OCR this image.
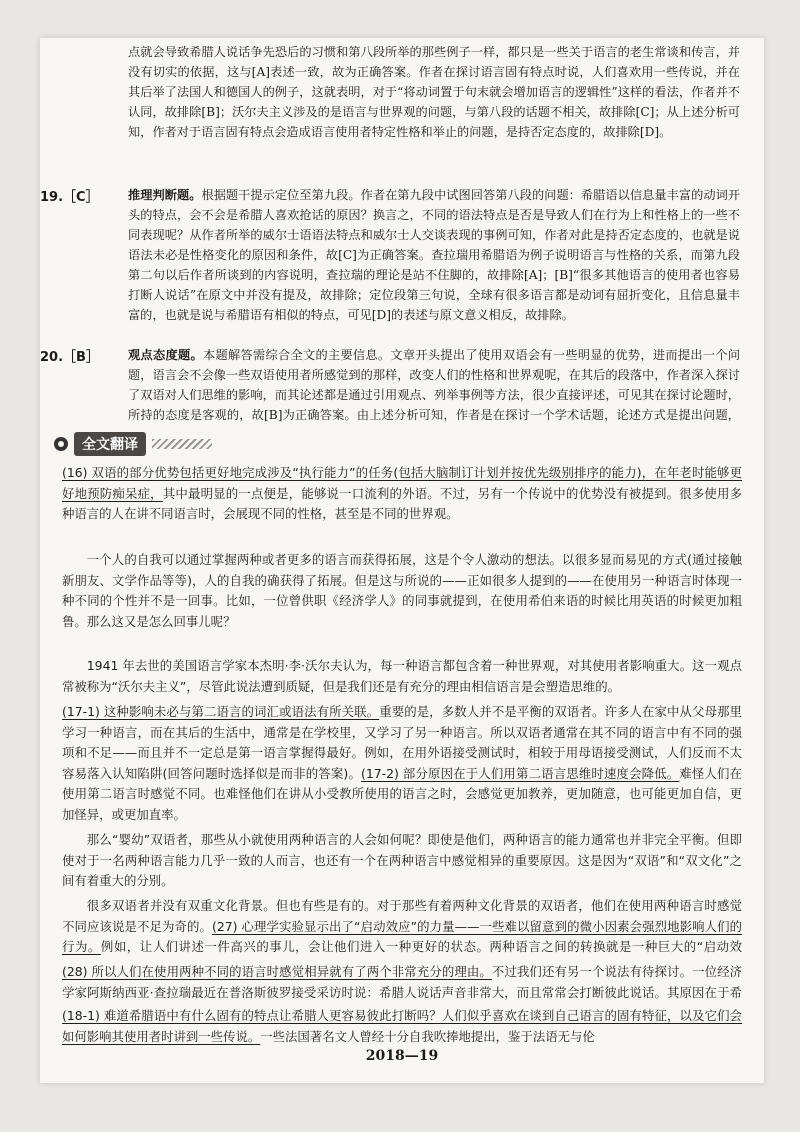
点就会导致希腊人说话争先恐后的习惯和第八段所举的那些例子一样，都只是一些关于语言的老生常谈和传言，并没有切实的依据，这与[A]表述一致，故为正确答案。作者在探讨语言固有特点时说，人们喜欢用一些传说，并在其后举了法国人和德国人的例子，这就表明，对于“将动词置于句末就会增加语言的逻辑性”这样的看法，作者并不认同，故排除[B]；沃尔夫主义涉及的是语言与世界观的问题，与第八段的话题不相关，故排除[C]；从上述分析可知，作者对于语言固有特点会造成语言使用者特定性格和举止的问题，是持否定态度的，故排除[D]。
19.［C］ 推理判断题。根据题干提示定位至第九段。作者在第九段中试图回答第八段的问题：希腊语以信息量丰富的动词开头的特点，会不会是希腊人喜欢抢话的原因？换言之，不同的语法特点是否是导致人们在行为上和性格上的一些不同表现呢？从作者所举的威尔士语语法特点和威尔士人交谈表现的事例可知，作者对此是持否定态度的，也就是说语法未必是性格变化的原因和条件，故[C]为正确答案。查拉瑞用希腊语为例子说明语言与性格的关系，而第九段第二句以后作者所谈到的内容说明，查拉瑞的理论是站不住脚的，故排除[A]；[B]“很多其他语言的使用者也容易打断人说话”在原文中并没有提及，故排除；定位段第三句说，全球有很多语言都是动词有屈折变化，且信息量丰富的，也就是说与希腊语有相似的特点，可见[D]的表述与原文意义相反，故排除。
20.［B］ 观点态度题。本题解答需综合全文的主要信息。文章开头提出了使用双语会有一些明显的优势，进而提出一个问题，语言会不会像一些双语使用者所感觉到的那样，改变人们的性格和世界观呢，在其后的段落中，作者深入探讨了双语对人们思维的影响，而其论述都是通过引用观点、列举事例等方法，很少直接评述，可见其在探讨论题时，所持的态度是客观的，故[B]为正确答案。由上述分析可知，作者是在探讨一个学术话题，论述方式是提出问题，
全文翻译
(16) 双语的部分优势包括更好地完成涉及“执行能力”的任务(包括大脑制订计划并按优先级别排序的能力)，在年老时能够更好地预防痴呆症，其中最明显的一点便是，能够说一口流利的外语。不过，另有一个传说中的优势没有被提到。很多使用多种语言的人在讲不同语言时，会展现不同的性格，甚至是不同的世界观。
一个人的自我可以通过掌握两种或者更多的语言而获得拓展，这是个令人激动的想法。以很多显而易见的方式(通过接触新朋友、文学作品等等)，人的自我的确获得了拓展。但是这与所说的——正如很多人提到的——在使用另一种语言时体现一种不同的个性并不是一回事。比如，一位曾供职《经济学人》的同事就提到，在使用希伯来语的时候比用英语的时候更加粗鲁。那么这又是怎么回事儿呢？
1941 年去世的美国语言学家本杰明·李·沃尔夫认为，每一种语言都包含着一种世界观，对其使用者影响重大。这一观点常被称为“沃尔夫主义”，尽管此说法遭到质疑，但是我们还是有充分的理由相信语言是会塑造思维的。
(17-1) 这种影响未必与第二语言的词汇或语法有所关联。重要的是，多数人并不是平衡的双语者。许多人在家中从父母那里学习一种语言，而在其后的生活中，通常是在学校里，又学习了另一种语言。所以双语者通常在其不同的语言中有不同的强项和不足——而且并不一定总是第一语言掌握得最好。例如，在用外语接受测试时，相较于用母语接受测试，人们反而不太容易落入认知陷阱(回答问题时选择似是而非的答案)。(17-2) 部分原因在于人们用第二语言思维时速度会降低。难怪人们在使用第二语言时感觉不同。也难怪他们在讲从小受教所使用的语言之时，会感觉更加教养，更加随意，也可能更加自信，更加怪异，或更加直率。
那么“婴幼”双语者，那些从小就使用两种语言的人会如何呢？即使是他们，两种语言的能力通常也并非完全平衡。但即使对于一名两种语言能力几乎一致的人而言，也还有一个在两种语言中感觉相异的重要原因。这是因为“双语”和“双文化”之间有着重大的分别。
很多双语者并没有双重文化背景。但也有些是有的。对于那些有着两种文化背景的双语者，他们在使用两种语言时感觉不同应该说是不足为奇的。(27) 心理学实验显示出了“启动效应”的力量——一些难以留意到的微小因素会强烈地影响人们的行为。例如，让人们讲述一件高兴的事儿，会让他们进入一种更好的状态。两种语言之间的转换就是一种巨大的“启动效
(28) 所以人们在使用两种不同的语言时感觉相异就有了两个非常充分的理由。不过我们还有另一个说法有待探讨。一位经济学家阿斯纳西亚·查拉瑞最近在普洛斯彼罗接受采访时说：希腊人说话声音非常大，而且常常会打断彼此说话。其原因在于希
(18-1) 难道希腊语中有什么固有的特点让希腊人更容易彼此打断吗？人们似乎喜欢在谈到自己语言的固有特征，以及它们会如何影响其使用者时讲到一些传说。一些法国著名文人曾经十分自我吹捧地提出，鉴于法语无与伦
2018—19
